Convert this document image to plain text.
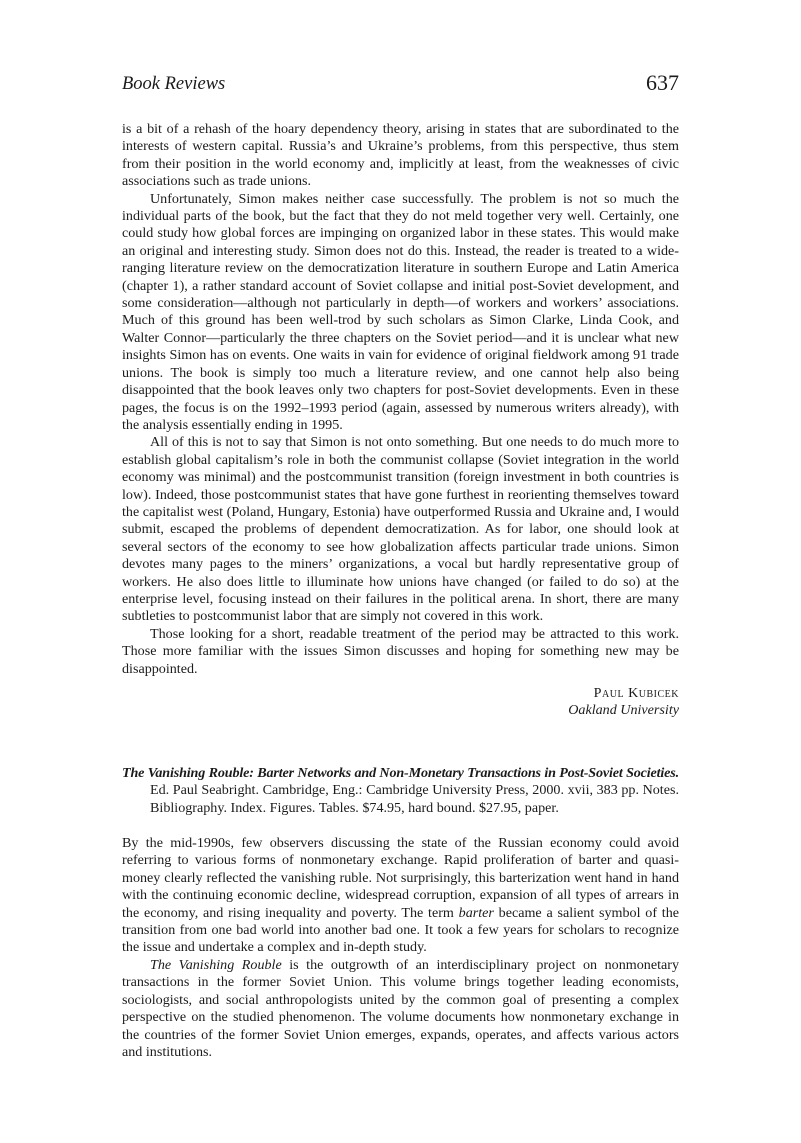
Book Reviews	637

is a bit of a rehash of the hoary dependency theory, arising in states that are subordinated to the interests of western capital. Russia’s and Ukraine’s problems, from this perspective, thus stem from their position in the world economy and, implicitly at least, from the weaknesses of civic associations such as trade unions.

Unfortunately, Simon makes neither case successfully. The problem is not so much the individual parts of the book, but the fact that they do not meld together very well. Certainly, one could study how global forces are impinging on organized labor in these states. This would make an original and interesting study. Simon does not do this. Instead, the reader is treated to a wide-ranging literature review on the democratization literature in southern Europe and Latin America (chapter 1), a rather standard account of Soviet collapse and initial post-Soviet development, and some consideration—although not particularly in depth—of workers and workers’ associations. Much of this ground has been well-trod by such scholars as Simon Clarke, Linda Cook, and Walter Connor—particularly the three chapters on the Soviet period—and it is unclear what new insights Simon has on events. One waits in vain for evidence of original fieldwork among 91 trade unions. The book is simply too much a literature review, and one cannot help also being disappointed that the book leaves only two chapters for post-Soviet developments. Even in these pages, the focus is on the 1992–1993 period (again, assessed by numerous writers already), with the analysis essentially ending in 1995.

All of this is not to say that Simon is not onto something. But one needs to do much more to establish global capitalism’s role in both the communist collapse (Soviet integration in the world economy was minimal) and the postcommunist transition (foreign investment in both countries is low). Indeed, those postcommunist states that have gone furthest in reorienting themselves toward the capitalist west (Poland, Hungary, Estonia) have outperformed Russia and Ukraine and, I would submit, escaped the problems of dependent democratization. As for labor, one should look at several sectors of the economy to see how globalization affects particular trade unions. Simon devotes many pages to the miners’ organizations, a vocal but hardly representative group of workers. He also does little to illuminate how unions have changed (or failed to do so) at the enterprise level, focusing instead on their failures in the political arena. In short, there are many subtleties to postcommunist labor that are simply not covered in this work.

Those looking for a short, readable treatment of the period may be attracted to this work. Those more familiar with the issues Simon discusses and hoping for something new may be disappointed.

Paul Kubicek
Oakland University
The Vanishing Rouble: Barter Networks and Non-Monetary Transactions in Post-Soviet Societies. Ed. Paul Seabright. Cambridge, Eng.: Cambridge University Press, 2000. xvii, 383 pp. Notes. Bibliography. Index. Figures. Tables. $74.95, hard bound. $27.95, paper.

By the mid-1990s, few observers discussing the state of the Russian economy could avoid referring to various forms of nonmonetary exchange. Rapid proliferation of barter and quasi-money clearly reflected the vanishing ruble. Not surprisingly, this barterization went hand in hand with the continuing economic decline, widespread corruption, expansion of all types of arrears in the economy, and rising inequality and poverty. The term barter became a salient symbol of the transition from one bad world into another bad one. It took a few years for scholars to recognize the issue and undertake a complex and in-depth study.

The Vanishing Rouble is the outgrowth of an interdisciplinary project on nonmonetary transactions in the former Soviet Union. This volume brings together leading economists, sociologists, and social anthropologists united by the common goal of presenting a complex perspective on the studied phenomenon. The volume documents how nonmonetary exchange in the countries of the former Soviet Union emerges, expands, operates, and affects various actors and institutions.
